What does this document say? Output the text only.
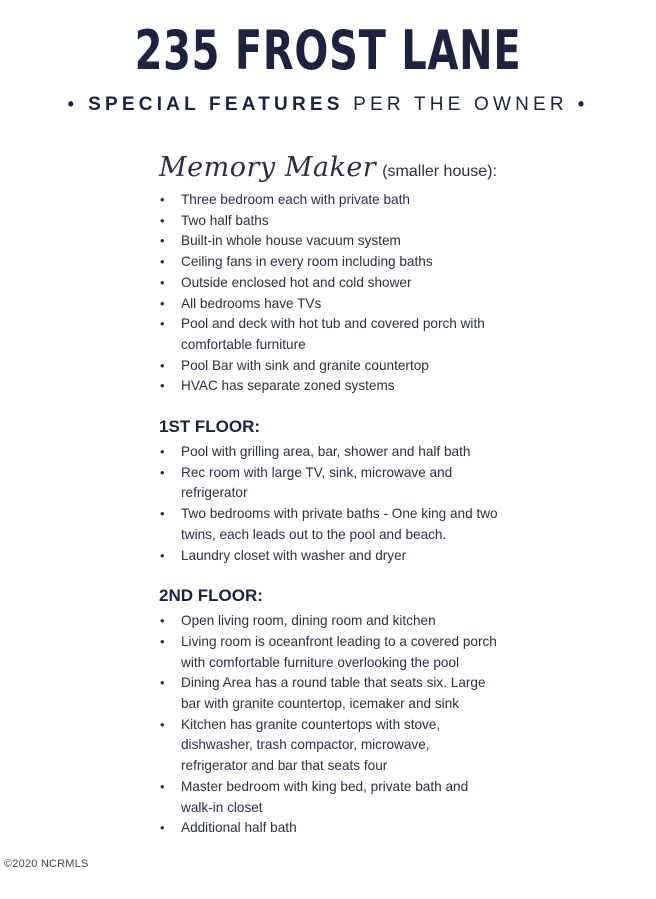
235 FROST LANE
• SPECIAL FEATURES PER THE OWNER •
Memory Maker (smaller house):
• Three bedroom each with private bath
• Two half baths
• Built-in whole house vacuum system
• Ceiling fans in every room including baths
• Outside enclosed hot and cold shower
• All bedrooms have TVs
• Pool and deck with hot tub and covered porch with comfortable furniture
• Pool Bar with sink and granite countertop
• HVAC has separate zoned systems
1ST FLOOR:
• Pool with grilling area, bar, shower and half bath
• Rec room with large TV, sink, microwave and refrigerator
• Two bedrooms with private baths - One king and two twins, each leads out to the pool and beach.
• Laundry closet with washer and dryer
2ND FLOOR:
• Open living room, dining room and kitchen
• Living room is oceanfront leading to a covered porch with comfortable furniture overlooking the pool
• Dining Area has a round table that seats six. Large bar with granite countertop, icemaker and sink
• Kitchen has granite countertops with stove, dishwasher, trash compactor, microwave, refrigerator and bar that seats four
• Master bedroom with king bed, private bath and walk-in closet
• Additional half bath
©2020 NCRMLS
